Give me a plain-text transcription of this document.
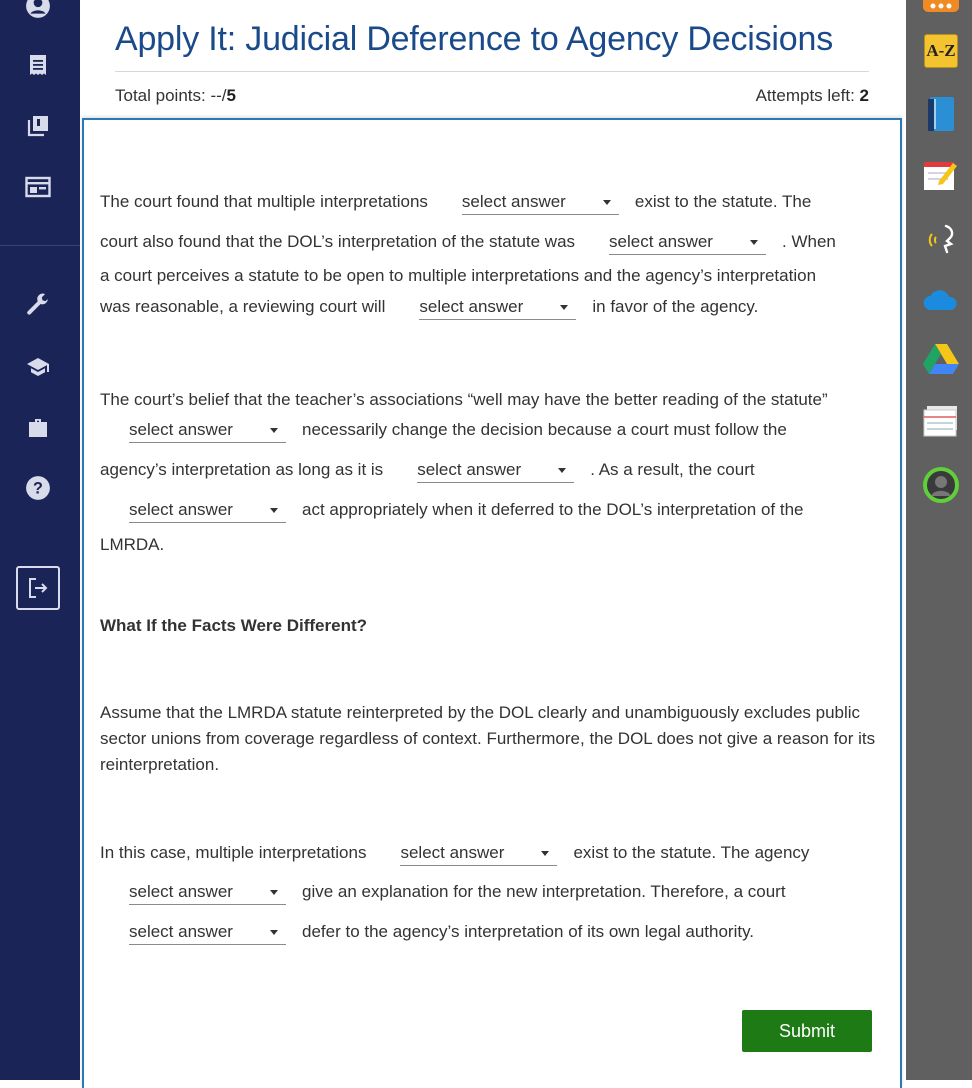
?
Apply It: Judicial Deference to Agency Decisions
Total points: --/5	Attempts left: 2
The court found that multiple interpretations select answer	exist to the statute. The
court also found that the DOL’s interpretation of the statute was select answer	. When
a court perceives a statute to be open to multiple interpretations and the agency’s interpretation
was reasonable, a reviewing court will select answer	in favor of the agency.
The court’s belief that the teacher’s associations “well may have the better reading of the statute”
select answer	necessarily change the decision because a court must follow the
agency’s interpretation as long as it is select answer	. As a result, the court
select answer	act appropriately when it deferred to the DOL’s interpretation of the
LMRDA.
What If the Facts Were Different?
Assume that the LMRDA statute reinterpreted by the DOL clearly and unambiguously excludes public sector unions from coverage regardless of context. Furthermore, the DOL does not give a reason for its reinterpretation.
In this case, multiple interpretations select answer	exist to the statute. The agency
select answer	give an explanation for the new interpretation. Therefore, a court
select answer	defer to the agency’s interpretation of its own legal authority.
Submit
A-Z
